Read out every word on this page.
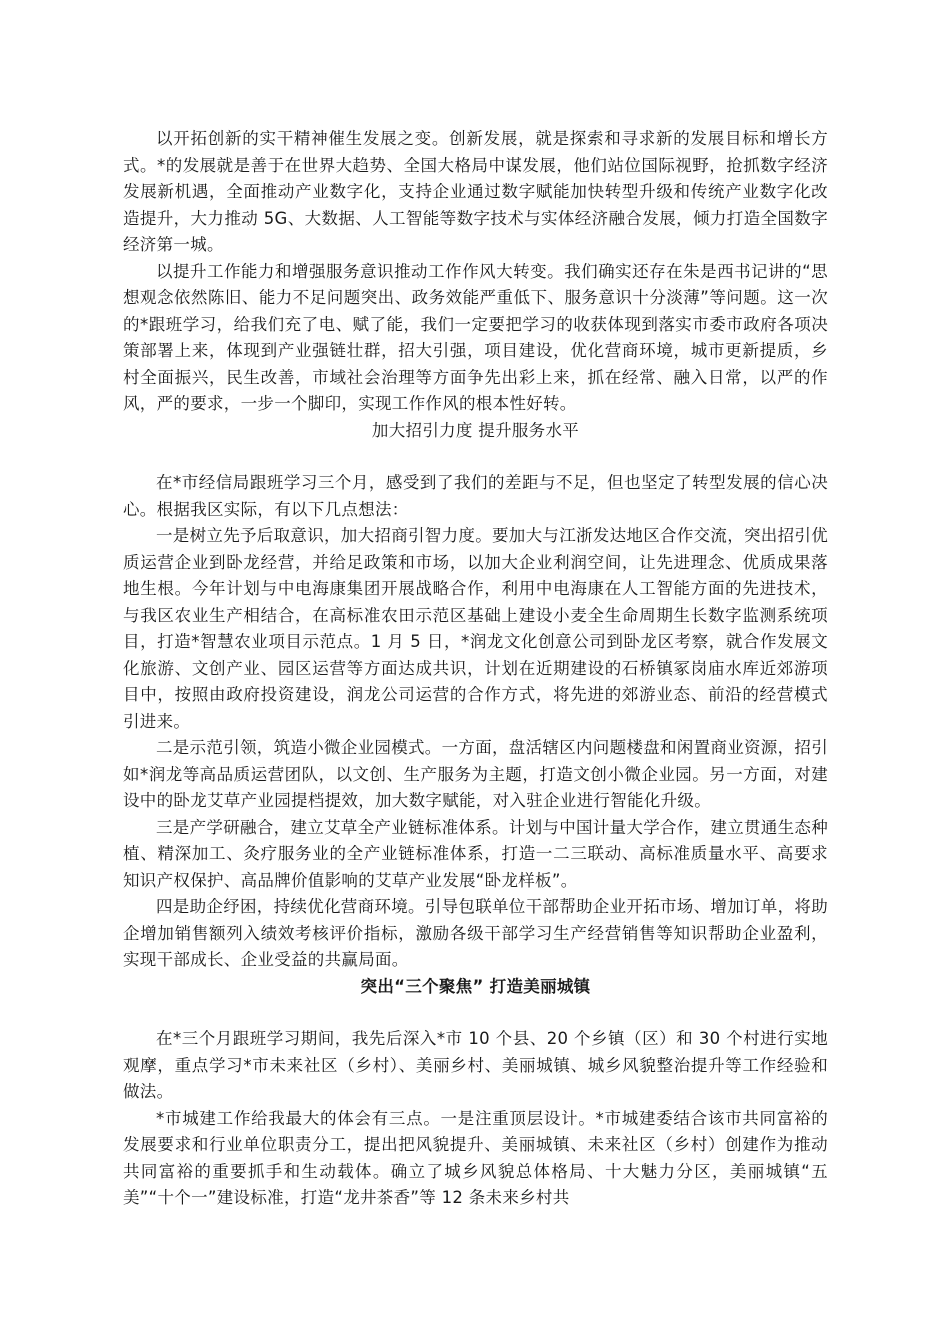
以开拓创新的实干精神催生发展之变。创新发展，就是探索和寻求新的发展目标和增长方式。*的发展就是善于在世界大趋势、全国大格局中谋发展，他们站位国际视野，抢抓数字经济发展新机遇，全面推动产业数字化，支持企业通过数字赋能加快转型升级和传统产业数字化改造提升，大力推动 5G、大数据、人工智能等数字技术与实体经济融合发展，倾力打造全国数字经济第一城。

以提升工作能力和增强服务意识推动工作作风大转变。我们确实还存在朱是西书记讲的“思想观念依然陈旧、能力不足问题突出、政务效能严重低下、服务意识十分淡薄”等问题。这一次的*跟班学习，给我们充了电、赋了能，我们一定要把学习的收获体现到落实市委市政府各项决策部署上来，体现到产业强链壮群，招大引强，项目建设，优化营商环境，城市更新提质，乡村全面振兴，民生改善，市域社会治理等方面争先出彩上来，抓在经常、融入日常，以严的作风，严的要求，一步一个脚印，实现工作作风的根本性好转。

加大招引力度 提升服务水平

在*市经信局跟班学习三个月，感受到了我们的差距与不足，但也坚定了转型发展的信心决心。根据我区实际，有以下几点想法：

一是树立先予后取意识，加大招商引智力度。要加大与江浙发达地区合作交流，突出招引优质运营企业到卧龙经营，并给足政策和市场，以加大企业利润空间，让先进理念、优质成果落地生根。今年计划与中电海康集团开展战略合作，利用中电海康在人工智能方面的先进技术，与我区农业生产相结合，在高标准农田示范区基础上建设小麦全生命周期生长数字监测系统项目，打造*智慧农业项目示范点。1 月 5 日，*润龙文化创意公司到卧龙区考察，就合作发展文化旅游、文创产业、园区运营等方面达成共识，计划在近期建设的石桥镇冢岗庙水库近郊游项目中，按照由政府投资建设，润龙公司运营的合作方式，将先进的郊游业态、前沿的经营模式引进来。

二是示范引领，筑造小微企业园模式。一方面，盘活辖区内问题楼盘和闲置商业资源，招引如*润龙等高品质运营团队，以文创、生产服务为主题，打造文创小微企业园。另一方面，对建设中的卧龙艾草产业园提档提效，加大数字赋能，对入驻企业进行智能化升级。

三是产学研融合，建立艾草全产业链标准体系。计划与中国计量大学合作，建立贯通生态种植、精深加工、灸疗服务业的全产业链标准体系，打造一二三联动、高标准质量水平、高要求知识产权保护、高品牌价值影响的艾草产业发展“卧龙样板”。

四是助企纾困，持续优化营商环境。引导包联单位干部帮助企业开拓市场、增加订单，将助企增加销售额列入绩效考核评价指标，激励各级干部学习生产经营销售等知识帮助企业盈利，实现干部成长、企业受益的共赢局面。

突出“三个聚焦” 打造美丽城镇

在*三个月跟班学习期间，我先后深入*市 10 个县、20 个乡镇（区）和 30 个村进行实地观摩，重点学习*市未来社区（乡村）、美丽乡村、美丽城镇、城乡风貌整治提升等工作经验和做法。

*市城建工作给我最大的体会有三点。一是注重顶层设计。*市城建委结合该市共同富裕的发展要求和行业单位职责分工，提出把风貌提升、美丽城镇、未来社区（乡村）创建作为推动共同富裕的重要抓手和生动载体。确立了城乡风貌总体格局、十大魅力分区，美丽城镇“五美”“十个一”建设标准，打造“龙井茶香”等 12 条未来乡村共
